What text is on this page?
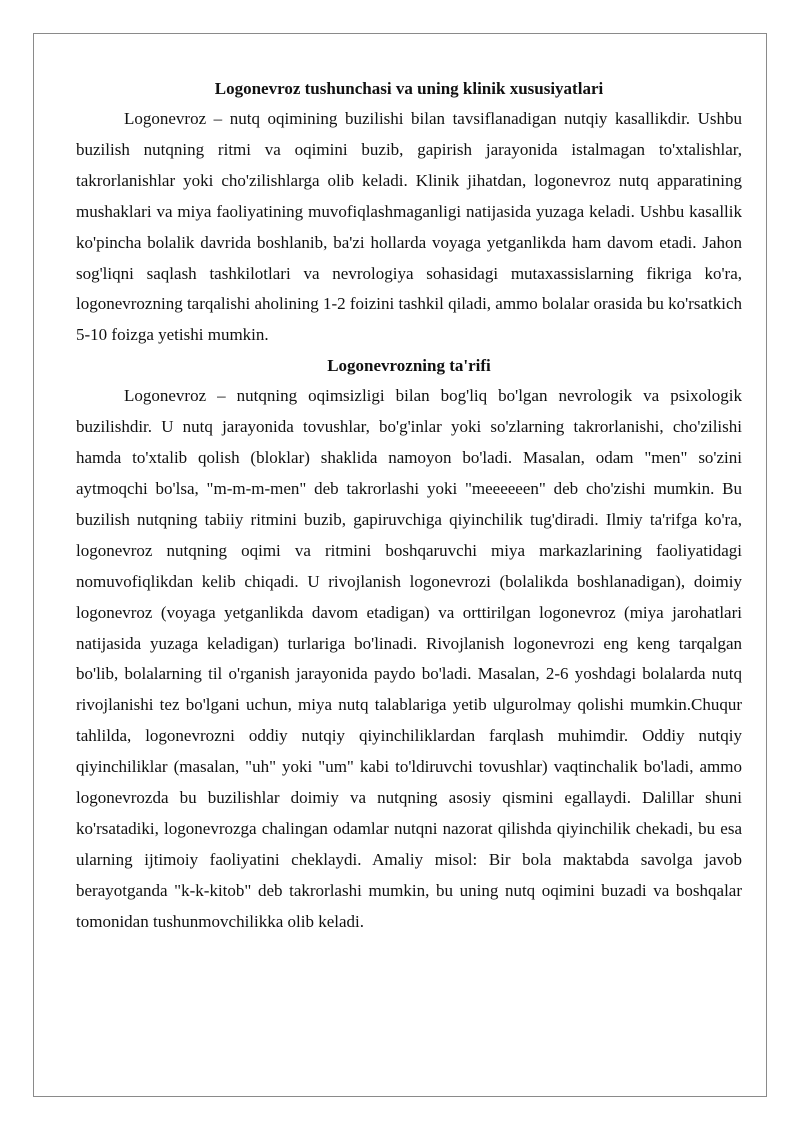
Logonevroz tushunchasi va uning klinik xususiyatlari

Logonevroz – nutq oqimining buzilishi bilan tavsiflanadigan nutqiy kasallikdir. Ushbu buzilish nutqning ritmi va oqimini buzib, gapirish jarayonida istalmagan to'xtalishlar, takrorlanishlar yoki cho'zilishlarga olib keladi. Klinik jihatdan, logonevroz nutq apparatining mushaklari va miya faoliyatining muvofiqlashmaganligi natijasida yuzaga keladi. Ushbu kasallik ko'pincha bolalik davrida boshlanib, ba'zi hollarda voyaga yetganlikda ham davom etadi. Jahon sog'liqni saqlash tashkilotlari va nevrologiya sohasidagi mutaxassislarning fikriga ko'ra, logonevrozning tarqalishi aholining 1-2 foizini tashkil qiladi, ammo bolalar orasida bu ko'rsatkich 5-10 foizga yetishi mumkin.

Logonevrozning ta'rifi

Logonevroz – nutqning oqimsizligi bilan bog'liq bo'lgan nevrologik va psixologik buzilishdir. U nutq jarayonida tovushlar, bo'g'inlar yoki so'zlarning takrorlanishi, cho'zilishi hamda to'xtalib qolish (bloklar) shaklida namoyon bo'ladi. Masalan, odam "men" so'zini aytmoqchi bo'lsa, "m-m-m-men" deb takrorlashi yoki "meeeeeen" deb cho'zishi mumkin. Bu buzilish nutqning tabiiy ritmini buzib, gapiruvchiga qiyinchilik tug'diradi. Ilmiy ta'rifga ko'ra, logonevroz nutqning oqimi va ritmini boshqaruvchi miya markazlarining faoliyatidagi nomuvofiqlikdan kelib chiqadi. U rivojlanish logonevrozi (bolalikda boshlanadigan), doimiy logonevroz (voyaga yetganlikda davom etadigan) va orttirilgan logonevroz (miya jarohatlari natijasida yuzaga keladigan) turlariga bo'linadi. Rivojlanish logonevrozi eng keng tarqalgan bo'lib, bolalarning til o'rganish jarayonida paydo bo'ladi. Masalan, 2-6 yoshdagi bolalarda nutq rivojlanishi tez bo'lgani uchun, miya nutq talablariga yetib ulgurolmay qolishi mumkin.Chuqur tahlilda, logonevrozni oddiy nutqiy qiyinchiliklardan farqlash muhimdir. Oddiy nutqiy qiyinchiliklar (masalan, "uh" yoki "um" kabi to'ldiruvchi tovushlar) vaqtinchalik bo'ladi, ammo logonevrozda bu buzilishlar doimiy va nutqning asosiy qismini egallaydi. Dalillar shuni ko'rsatadiki, logonevrozga chalingan odamlar nutqni nazorat qilishda qiyinchilik chekadi, bu esa ularning ijtimoiy faoliyatini cheklaydi. Amaliy misol: Bir bola maktabda savolga javob berayotganda "k-k-kitob" deb takrorlashi mumkin, bu uning nutq oqimini buzadi va boshqalar tomonidan tushunmovchilikka olib keladi.
